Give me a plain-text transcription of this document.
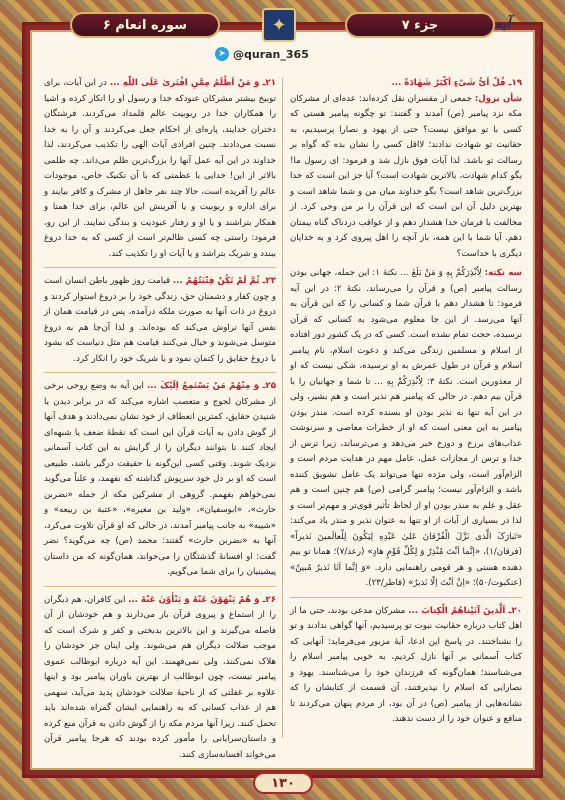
سوره انعام ۶	✦	جزء ۷	آیه
➤ @quran_365
۱۹ـ قُلْ اَیُّ شَیْءٍ اَکْبَرُ شَهٰادَةً ...
شأن نزول: جمعی از مفسران نقل کرده‌اند: عده‌ای از مشرکان مکه نزد پیامبر (ص) آمدند و گفتند: تو چگونه پیامبر هستی که کسی با تو موافق نیست؟ حتی از یهود و نصارا پرسیدیم، به حقانیت تو شهادت ندادند؛ لااقل کسی را نشان بده که گواه بر رسالت تو باشد. لذا آیات فوق نازل شد و فرمود: ای رسول ما! بگو کدام شهادت، بالاترین شهادت است؟ آیا جز این است که خدا بزرگ‌ترین شاهد است؟ بگو خداوند میان من و شما شاهد است و بهترین دلیل آن این است که این قرآن را بر من وحی کرد. از مخالفت با فرمان خدا هشدار دهم و از عواقب دردناک گناه بیمتان دهم. آیا شما با این همه، باز آنچه را اهل پیروی کرد و به خدایان دیگری با خداست؟
سه نکته: لِاُنْذِرَکُمْ بِهِ وَ مَنْ بَلَغَ ... نکتهٔ ۱: این جمله، جهانی بودن رسالت پیامبر (ص) و قرآن را می‌رساند. نکتهٔ ۲: در این آیه فرمود: تا هشدار دهم با قرآن شما و کسانی را که این قرآن به آنها می‌رسد. از این جا معلوم می‌شود به کسانی که قرآن نرسیده، حجت تمام نشده است. کسی که در یک کشور دور افتاده از اسلام و مسلمین زندگی می‌کند و دعوت اسلام، نام پیامبر اسلام و قرآن در طول عمرش به او نرسیده، شکی نیست که او از معذورین است. نکتهٔ ۳: لِاُنْذِرَکُمْ بِهِ ... تا شما و جهانیان را با قرآن بیم دهم. در حالی که پیامبر هم نذیر است و هم بشیر، ولی در این آیه تنها به نذیر بودن او بسنده کرده است. منذر بودن پیامبر به این معنی است که او از خطرات معاصی و سرنوشت عذاب‌های برزخ و دوزخ خبر می‌دهد و می‌ترساند، زیرا ترس از خدا و ترس از مجازات عمل، عامل مهم در هدایت مردم است و الزام‌آور است، ولی مژده تنها می‌تواند یک عامل تشویق کننده باشد و الزام‌آور نیست؛ پیامبر گرامی (ص) هم چنین است و هم عقل و علم به منذر بودن او از لحاظ تأثیر قوی‌تر و مهم‌تر است و لذا در بسیاری از آیات از او تنها به عنوان نذیر و منذر یاد می‌کند: «تَبارَکَ الَّذی نَزَّلَ الْفُرْقانَ عَلیٰ عَبْدِهِ لِیَکُونَ لِلْعالَمینَ نَذیراً» (فرقان/۱)، «اِنَّما اَنْتَ مُنْذِرٌ وَ لِکُلِّ قَوْمٍ هادٍ» (رعد/۷)؛ همانا تو بیم دهنده هستی و هر قومی راهنمایی دارد. «وَ اِنَّما اَنَا نَذیرٌ مُبینٌ» (عنکبوت/۵۰)؛ «اِنْ اَنْتَ اِلّا نَذیرٌ» (فاطر/۲۳).
۲۰ـ اَلَّذینَ آتَیْناهُمُ الْکِتابَ ... مشرکان مدعی بودند، حتی ما از اهل کتاب درباره حقانیت نبوت تو پرسیدیم، آنها گواهی ندادند و تو را نشناختند. در پاسخ این ادعا، آیهٔ مزبور می‌فرماید: آنهایی که کتاب آسمانی بر آنها نازل کردیم، به خوبی پیامبر اسلام را می‌شناسند؛ همان‌گونه که فرزندان خود را می‌شناسند. یهود و نصارایی که اسلام را نپذیرفتند، آن قسمت از کتابشان را که نشانه‌هایی از پیامبر (ص) در آن بود، از مردم پنهان می‌کردند تا منافع و عنوان خود را از دست ندهند.
۲۱ـ وَ مَنْ اَظْلَمُ مِمَّنِ افْتَریٰ عَلَی اللّٰهِ ... در این آیات، برای توبیخ بیشتر مشرکان عنودکه خدا و رسول او را انکار کرده و اشیا را همکاران خدا در ربوبیت عالم قلمداد می‌کردند. فرشتگان دختران خدایند، پاره‌ای از احکام جعل می‌کردند و آن را به خدا نسبت می‌دادند. چنین افرادی آیات الهی را تکذیب می‌کردند، لذا خداوند در این آیه عمل آنها را بزرگ‌ترین ظلم می‌داند. چه ظلمی بالاتر از این! خدایی با عظمتی که با آن تکنیک خاص، موجودات عالم را آفریده است، حالا چند نفر جاهل از مشرک و کافر بیایند و برای اداره و ربوبیت و یا آفرینش این عالم، برای خدا همتا و همکار بتراشند و یا او و رفتار عبودیت و بندگی نمایند. از این رو، فرمود: راستی چه کسی ظالم‌تر است از کسی که به خدا دروغ ببندد و شریک بتراشد و یا آیات او را تکذیب کند.
۲۳ـ ثُمَّ لَمْ تَکُنْ فِتْنَتُهُمْ ... قیامت روز ظهور باطن انسان است و چون کفار و دشمنان حق، زندگی خود را بر دروغ استوار کردند و دروغ در ذات آنها به صورت ملکه درآمده، پس در قیامت همان از نفس آنها تراوش می‌کند که بوده‌اند. و لذا آن‌جا هم به دروغ متوسل می‌شوند و خیال می‌کنند قیامت هم مثل دنیاست که بشود با دروغ حقایق را کتمان نمود و یا شریک خود را انکار کرد.
۲۵ـ وَ مِنْهُمْ مَنْ یَسْتَمِعُ اِلَیْکَ ... این آیه به وضع روحی برخی از مشرکان لجوج و متعصب اشاره می‌کند که در برابر دیدن یا شنیدن حقایق، کمترین انعطاف از خود نشان نمی‌دادند و هدف آنها از گوش دادن به آیات قرآن این است که نقطهٔ ضعف یا شبهه‌ای ایجاد کنند تا بتوانند دیگران را از گرایش به این کتاب آسمانی نزدیک شوند. وقتی کسی این‌گونه با حقیقت درگیر باشد، طبیعی است که او بر دل خود سرپوش گذاشته که نفهمد، و علناً می‌گوید نمی‌خواهم بفهمم. گروهی از مشرکین مکه از جمله «نضربن حارث»، «ابوسفیان»، «ولید بن مغیره»، «عتبة بن ربیعه» و «شیبه» به جانب پیامبر آمدند، در حالی که او قرآن تلاوت می‌کرد، آنها به «نضربن حارث» گفتند: محمد (ص) چه می‌گوید؟ نضر گفت: او افسانهٔ گذشتگان را می‌خواند، همان‌گونه که من داستان پیشینیان را برای شما می‌گویم.
۲۶ـ وَ هُمْ یَنْهَوْنَ عَنْهُ وَ یَنْأَوْنَ عَنْهُ ... این کافران، هم دیگران را از استماع و پیروی قرآن باز می‌دارند و هم خودشان از آن فاصله می‌گیرند و این بالاترین بدبختی و کفر و شرک است که موجب ضلالت دیگران هم می‌شوند. ولی اینان جز خودشان را هلاک نمی‌کنند، ولی نمی‌فهمند. این آیه درباره ابوطالب عموی پیامبر نیست، چون ابوطالب از بهترین یاوران پیامبر بود و اینها علاوه بر غفلتی که از ناحیهٔ ضلالت خودشان پدید می‌آید، سهمی هم از عذاب کسانی که به راهنمایی ایشان گمراه شده‌اند باید تحمل کنند. زیرا آنها مردم مکه را از گوش دادن به قرآن منع کرده و داستان‌سرایانی را مأمور کرده بودند که هرجا پیامبر قرآن می‌خواند افسانه‌سازی کنند.
۱۳۰
